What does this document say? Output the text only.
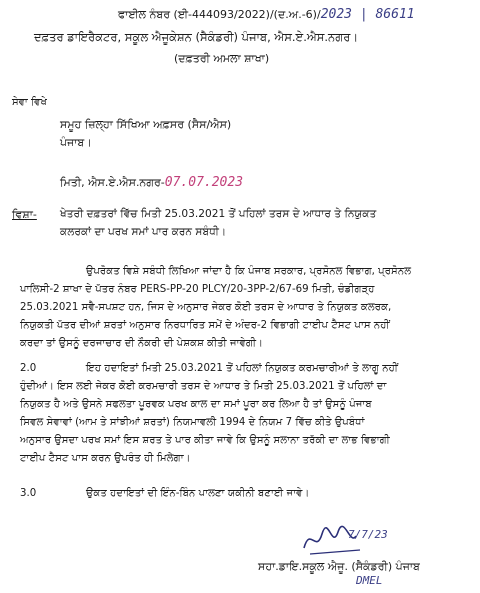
ਫਾਈਲ ਨੰਬਰ (ਈ-444093/2022)/(ਦ.ਅ.-6)/2023 | 86611
ਦਫ਼ਤਰ ਡਾਇਰੈਕਟਰ, ਸਕੂਲ ਐਜੂਕੇਸ਼ਨ (ਸੈਕੰਡਰੀ) ਪੰਜਾਬ, ਐਸ.ਏ.ਐਸ.ਨਗਰ।
(ਦਫ਼ਤਰੀ ਅਮਲਾ ਸ਼ਾਖਾ)
ਸੇਵਾ ਵਿਖੇ
ਸਮੂਹ ਜ਼ਿਲ੍ਹਾ ਸਿੱਖਿਆ ਅਫ਼ਸਰ (ਸੈਸ/ਐਸ)
ਪੰਜਾਬ।
ਮਿਤੀ, ਐਸ.ਏ.ਐਸ.ਨਗਰ-07.07.2023
ਵਿਸ਼ਾ- ਖੇਤਰੀ ਦਫ਼ਤਰਾਂ ਵਿੱਚ ਮਿਤੀ 25.03.2021 ਤੋਂ ਪਹਿਲਾਂ ਤਰਸ ਦੇ ਆਧਾਰ ਤੇ ਨਿਯੁਕਤ
ਕਲਰਕਾਂ ਦਾ ਪਰਖ ਸਮਾਂ ਪਾਰ ਕਰਨ ਸਬੰਧੀ।
ਉਪਰੋਕਤ ਵਿਸ਼ੇ ਸਬੰਧੀ ਲਿਖਿਆ ਜਾਂਦਾ ਹੈ ਕਿ ਪੰਜਾਬ ਸਰਕਾਰ, ਪ੍ਰਸੋਨਲ ਵਿਭਾਗ, ਪ੍ਰਸੋਨਲ
ਪਾਲਿਸੀ-2 ਸ਼ਾਖਾ ਦੇ ਪੱਤਰ ਨੰਬਰ PERS-PP-20 PLCY/20-3PP-2/67-69 ਮਿਤੀ, ਚੰਡੀਗੜ੍ਹ
25.03.2021 ਸਵੈ-ਸਪਸ਼ਟ ਹਨ, ਜਿਸ ਦੇ ਅਨੁਸਾਰ ਜੇਕਰ ਕੋਈ ਤਰਸ ਦੇ ਆਧਾਰ ਤੇ ਨਿਯੁਕਤ ਕਲਰਕ,
ਨਿਯੁਕਤੀ ਪੱਤਰ ਦੀਆਂ ਸ਼ਰਤਾਂ ਅਨੁਸਾਰ ਨਿਰਧਾਰਿਤ ਸਮੇਂ ਦੇ ਅੰਦਰ-2 ਵਿਭਾਗੀ ਟਾਈਪ ਟੈਸਟ ਪਾਸ ਨਹੀਂ
ਕਰਦਾ ਤਾਂ ਉਸਨੂੰ ਦਰਜਾਚਾਰ ਦੀ ਨੌਕਰੀ ਦੀ ਪੇਸ਼ਕਸ਼ ਕੀਤੀ ਜਾਵੇਗੀ।
2.0	ਇਹ ਹਦਾਇਤਾਂ ਮਿਤੀ 25.03.2021 ਤੋਂ ਪਹਿਲਾਂ ਨਿਯੁਕਤ ਕਰਮਚਾਰੀਆਂ ਤੇ ਲਾਗੂ ਨਹੀਂ
ਹੁੰਦੀਆਂ। ਇਸ ਲਈ ਜੇਕਰ ਕੋਈ ਕਰਮਚਾਰੀ ਤਰਸ ਦੇ ਆਧਾਰ ਤੇ ਮਿਤੀ 25.03.2021 ਤੋਂ ਪਹਿਲਾਂ ਦਾ
ਨਿਯੁਕਤ ਹੈ ਅਤੇ ਉਸਨੇ ਸਫਲਤਾ ਪੂਰਵਕ ਪਰਖ ਕਾਲ ਦਾ ਸਮਾਂ ਪੂਰਾ ਕਰ ਲਿਆ ਹੈ ਤਾਂ ਉਸਨੂੰ ਪੰਜਾਬ
ਸਿਵਲ ਸੇਵਾਵਾਂ (ਆਮ ਤੇ ਸਾਂਝੀਆਂ ਸ਼ਰਤਾਂ) ਨਿਯਮਾਵਲੀ 1994 ਦੇ ਨਿਯਮ 7 ਵਿੱਚ ਕੀਤੇ ਉਪਬੰਧਾਂ
ਅਨੁਸਾਰ ਉਸਦਾ ਪਰਖ ਸਮਾਂ ਇਸ ਸ਼ਰਤ ਤੇ ਪਾਰ ਕੀਤਾ ਜਾਵੇ ਕਿ ਉਸਨੂੰ ਸਲਾਨਾ ਤਰੱਕੀ ਦਾ ਲਾਭ ਵਿਭਾਗੀ
ਟਾਈਪ ਟੈਸਟ ਪਾਸ ਕਰਨ ਉਪਰੰਤ ਹੀ ਮਿਲੇਗਾ।
3.0	ਉਕਤ ਹਦਾਇਤਾਂ ਦੀ ਇੰਨ-ਬਿੰਨ ਪਾਲਣਾ ਯਕੀਨੀ ਬਣਾਈ ਜਾਵੇ।
7/7/23
ਸਹਾ.ਡਾਇ.ਸਕੂਲ ਐਜੂ. (ਸੈਕੰਡਰੀ) ਪੰਜਾਬ
DMEL
